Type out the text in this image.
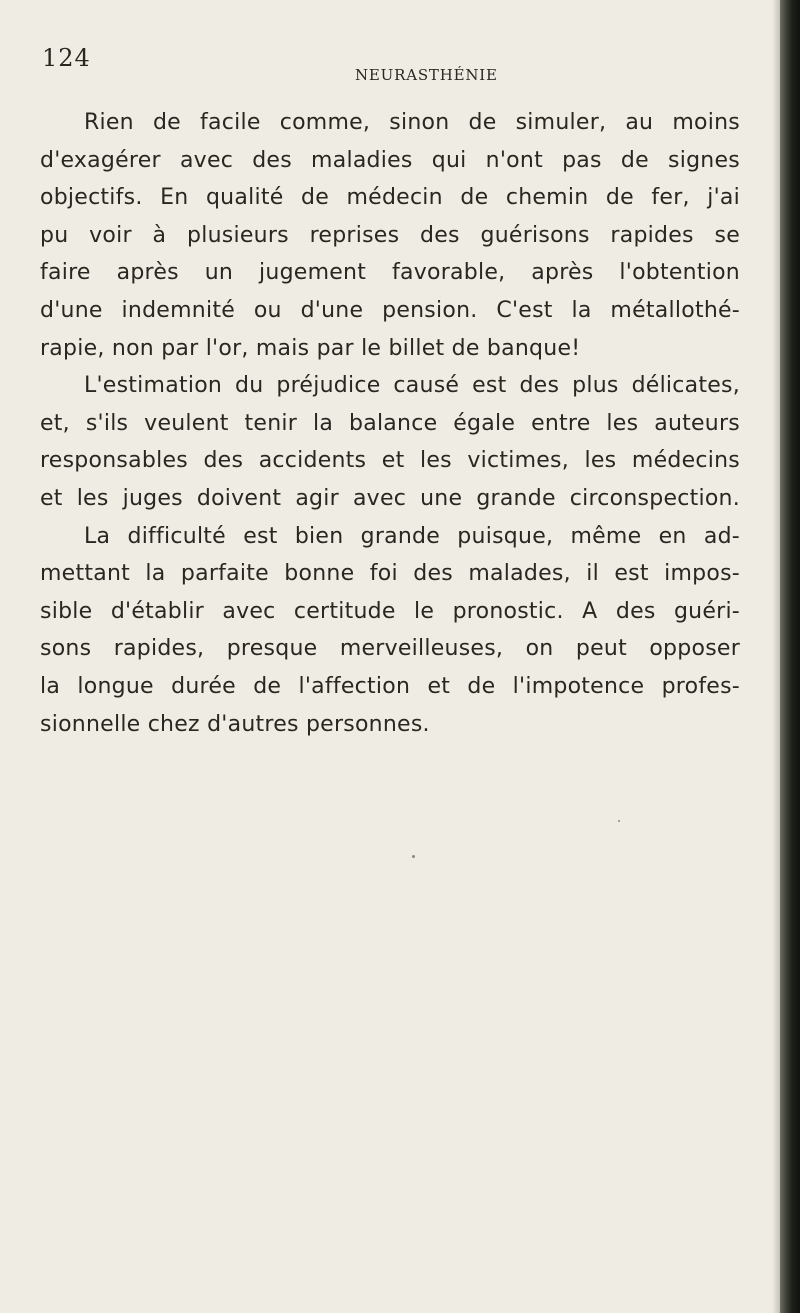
124
NEURASTHÉNIE
Rien de facile comme, sinon de simuler, au moins
d'exagérer avec des maladies qui n'ont pas de signes
objectifs. En qualité de médecin de chemin de fer, j'ai
pu voir à plusieurs reprises des guérisons rapides se
faire après un jugement favorable, après l'obtention
d'une indemnité ou d'une pension. C'est la métallothé-
rapie, non par l'or, mais par le billet de banque!
L'estimation du préjudice causé est des plus délicates,
et, s'ils veulent tenir la balance égale entre les auteurs
responsables des accidents et les victimes, les médecins
et les juges doivent agir avec une grande circonspection.
La difficulté est bien grande puisque, même en ad-
mettant la parfaite bonne foi des malades, il est impos-
sible d'établir avec certitude le pronostic. A des guéri-
sons rapides, presque merveilleuses, on peut opposer
la longue durée de l'affection et de l'impotence profes-
sionnelle chez d'autres personnes.
